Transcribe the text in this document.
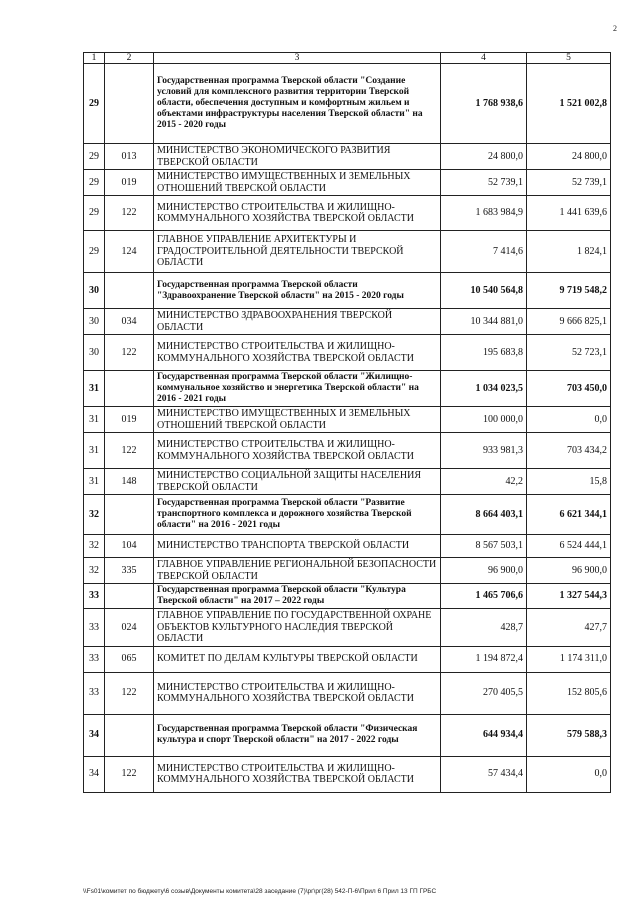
2
1	2	3	4	5
29		Государственная программа Тверской области "Создание условий для комплексного развития территории Тверской области, обеспечения доступным и комфортным жильем и объектами инфраструктуры населения Тверской области" на 2015 - 2020 годы	1 768 938,6	1 521 002,8
29	013	МИНИСТЕРСТВО ЭКОНОМИЧЕСКОГО РАЗВИТИЯ ТВЕРСКОЙ ОБЛАСТИ	24 800,0	24 800,0
29	019	МИНИСТЕРСТВО ИМУЩЕСТВЕННЫХ И ЗЕМЕЛЬНЫХ ОТНОШЕНИЙ ТВЕРСКОЙ ОБЛАСТИ	52 739,1	52 739,1
29	122	МИНИСТЕРСТВО СТРОИТЕЛЬСТВА И ЖИЛИЩНО-КОММУНАЛЬНОГО ХОЗЯЙСТВА ТВЕРСКОЙ ОБЛАСТИ	1 683 984,9	1 441 639,6
29	124	ГЛАВНОЕ УПРАВЛЕНИЕ АРХИТЕКТУРЫ И ГРАДОСТРОИТЕЛЬНОЙ ДЕЯТЕЛЬНОСТИ ТВЕРСКОЙ ОБЛАСТИ	7 414,6	1 824,1
30		Государственная программа Тверской области "Здравоохранение Тверской области" на 2015 - 2020 годы	10 540 564,8	9 719 548,2
30	034	МИНИСТЕРСТВО ЗДРАВООХРАНЕНИЯ ТВЕРСКОЙ ОБЛАСТИ	10 344 881,0	9 666 825,1
30	122	МИНИСТЕРСТВО СТРОИТЕЛЬСТВА И ЖИЛИЩНО-КОММУНАЛЬНОГО ХОЗЯЙСТВА ТВЕРСКОЙ ОБЛАСТИ	195 683,8	52 723,1
31		Государственная программа Тверской области "Жилищно-коммунальное хозяйство и энергетика Тверской области" на 2016 - 2021 годы	1 034 023,5	703 450,0
31	019	МИНИСТЕРСТВО ИМУЩЕСТВЕННЫХ И ЗЕМЕЛЬНЫХ ОТНОШЕНИЙ ТВЕРСКОЙ ОБЛАСТИ	100 000,0	0,0
31	122	МИНИСТЕРСТВО СТРОИТЕЛЬСТВА И ЖИЛИЩНО-КОММУНАЛЬНОГО ХОЗЯЙСТВА ТВЕРСКОЙ ОБЛАСТИ	933 981,3	703 434,2
31	148	МИНИСТЕРСТВО СОЦИАЛЬНОЙ ЗАЩИТЫ НАСЕЛЕНИЯ ТВЕРСКОЙ ОБЛАСТИ	42,2	15,8
32		Государственная программа Тверской области "Развитие транспортного комплекса и дорожного хозяйства Тверской области" на 2016 - 2021 годы	8 664 403,1	6 621 344,1
32	104	МИНИСТЕРСТВО ТРАНСПОРТА ТВЕРСКОЙ ОБЛАСТИ	8 567 503,1	6 524 444,1
32	335	ГЛАВНОЕ УПРАВЛЕНИЕ РЕГИОНАЛЬНОЙ БЕЗОПАСНОСТИ ТВЕРСКОЙ ОБЛАСТИ	96 900,0	96 900,0
33		Государственная программа Тверской области "Культура Тверской области" на 2017 – 2022 годы	1 465 706,6	1 327 544,3
33	024	ГЛАВНОЕ УПРАВЛЕНИЕ ПО ГОСУДАРСТВЕННОЙ ОХРАНЕ ОБЪЕКТОВ КУЛЬТУРНОГО НАСЛЕДИЯ ТВЕРСКОЙ ОБЛАСТИ	428,7	427,7
33	065	КОМИТЕТ ПО ДЕЛАМ КУЛЬТУРЫ ТВЕРСКОЙ ОБЛАСТИ	1 194 872,4	1 174 311,0
33	122	МИНИСТЕРСТВО СТРОИТЕЛЬСТВА И ЖИЛИЩНО-КОММУНАЛЬНОГО ХОЗЯЙСТВА ТВЕРСКОЙ ОБЛАСТИ	270 405,5	152 805,6
34		Государственная программа Тверской области "Физическая культура и спорт Тверской области" на 2017 - 2022 годы	644 934,4	579 588,3
34	122	МИНИСТЕРСТВО СТРОИТЕЛЬСТВА И ЖИЛИЩНО-КОММУНАЛЬНОГО ХОЗЯЙСТВА ТВЕРСКОЙ ОБЛАСТИ	57 434,4	0,0
\\Fs01\комитет по бюджету\6 созыв\Документы комитета\28 заседание (7)\рг\рг(28) 542-П-6\Прил 6 Прил 13 ГП ГРБС
